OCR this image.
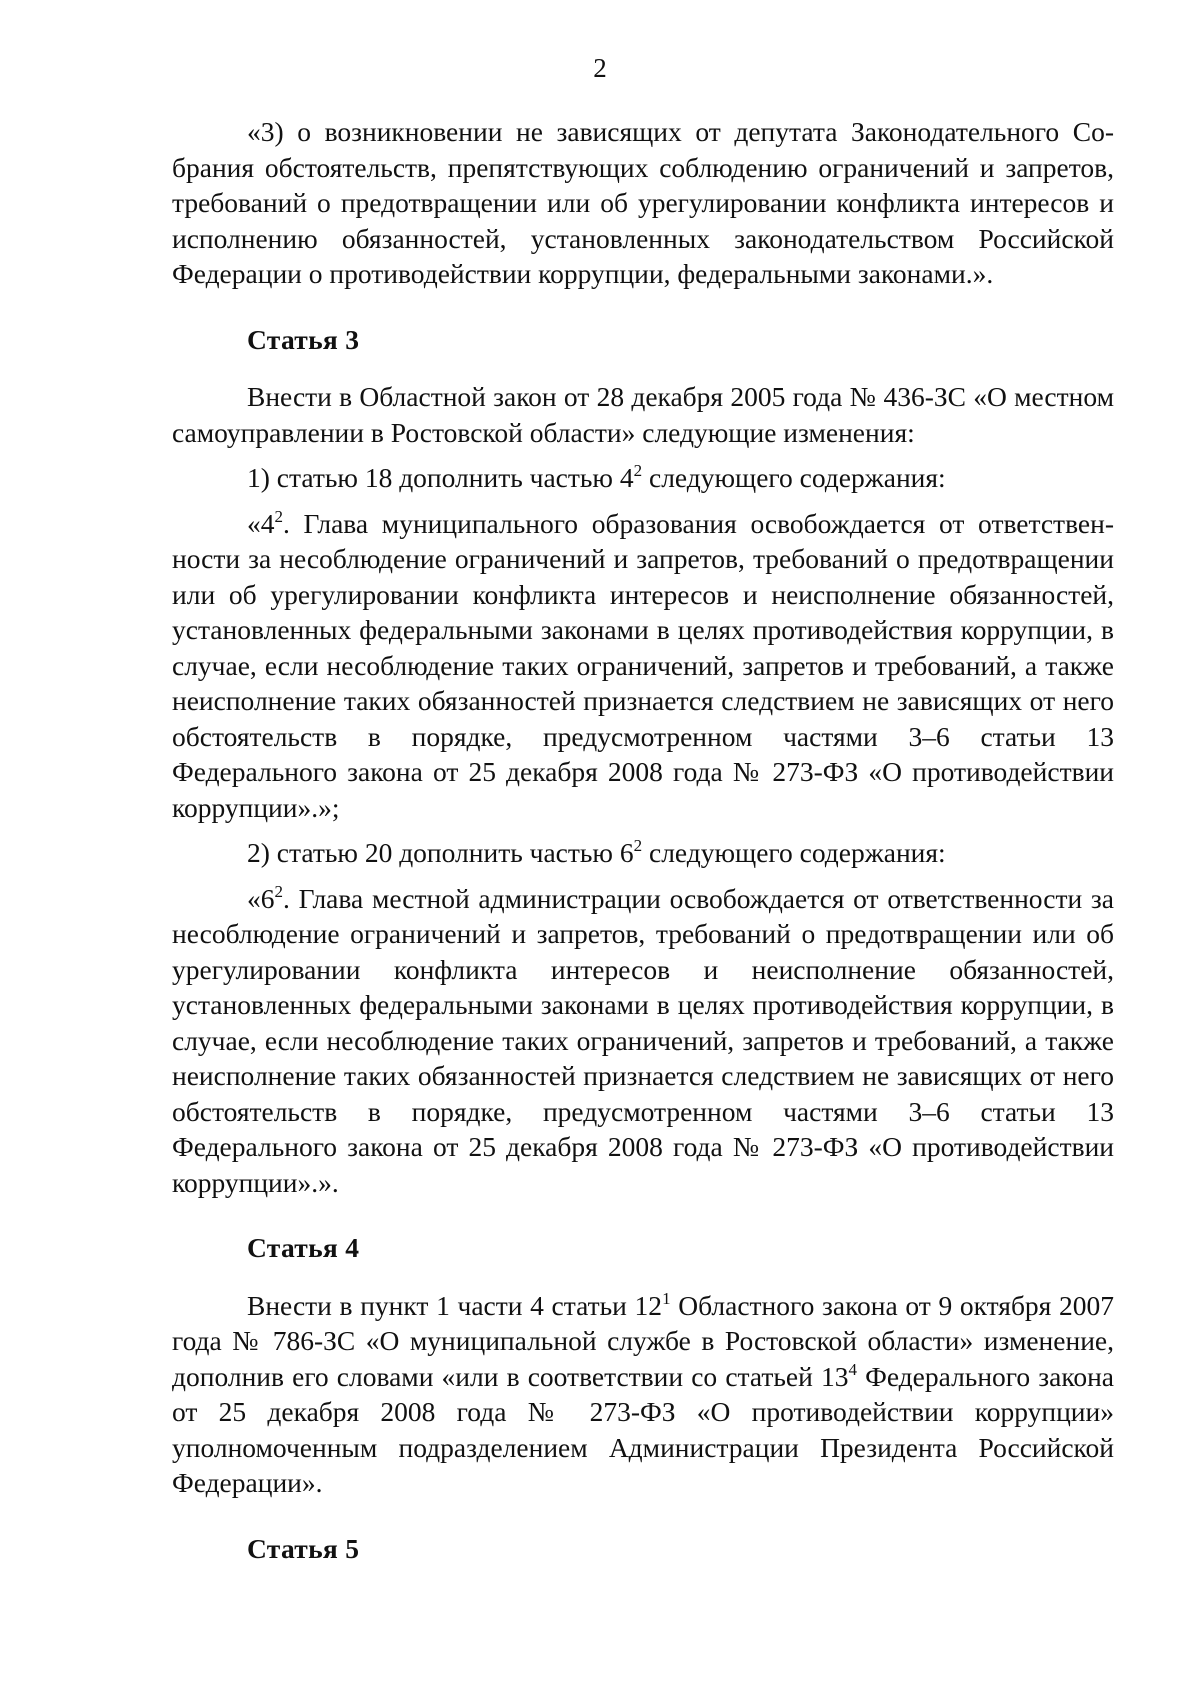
2

«3) о возникновении не зависящих от депутата Законодательного Собрания обстоятельств, препятствующих соблюдению ограничений и запретов, требований о предотвращении или об урегулировании конфликта интересов и исполнению обязанностей, установленных законодательством Российской Федерации о противодействии коррупции, федеральными законами.».

Статья 3

Внести в Областной закон от 28 декабря 2005 года № 436-ЗС «О местном самоуправлении в Ростовской области» следующие изменения:

1) статью 18 дополнить частью $4^2$ следующего содержания:

«$4^2$. Глава муниципального образования освобождается от ответственности за несоблюдение ограничений и запретов, требований о предотвращении или об урегулировании конфликта интересов и неисполнение обязанностей, установленных федеральными законами в целях противодействия коррупции, в случае, если несоблюдение таких ограничений, запретов и требований, а также неисполнение таких обязанностей признается следствием не зависящих от него обстоятельств в порядке, предусмотренном частями 3–6 статьи 13 Федерального закона от 25 декабря 2008 года № 273-ФЗ «О противодействии коррупции».»;

2) статью 20 дополнить частью $6^2$ следующего содержания:

«$6^2$. Глава местной администрации освобождается от ответственности за несоблюдение ограничений и запретов, требований о предотвращении или об урегулировании конфликта интересов и неисполнение обязанностей, установленных федеральными законами в целях противодействия коррупции, в случае, если несоблюдение таких ограничений, запретов и требований, а также неисполнение таких обязанностей признается следствием не зависящих от него обстоятельств в порядке, предусмотренном частями 3–6 статьи 13 Федерального закона от 25 декабря 2008 года № 273-ФЗ «О противодействии коррупции».».

Статья 4

Внести в пункт 1 части 4 статьи $12^1$ Областного закона от 9 октября 2007 года № 786-ЗС «О муниципальной службе в Ростовской области» изменение, дополнив его словами «или в соответствии со статьей $13^4$ Федерального закона от 25 декабря 2008 года № 273-ФЗ «О противодействии коррупции» уполномоченным подразделением Администрации Президента Российской Федерации».

Статья 5
